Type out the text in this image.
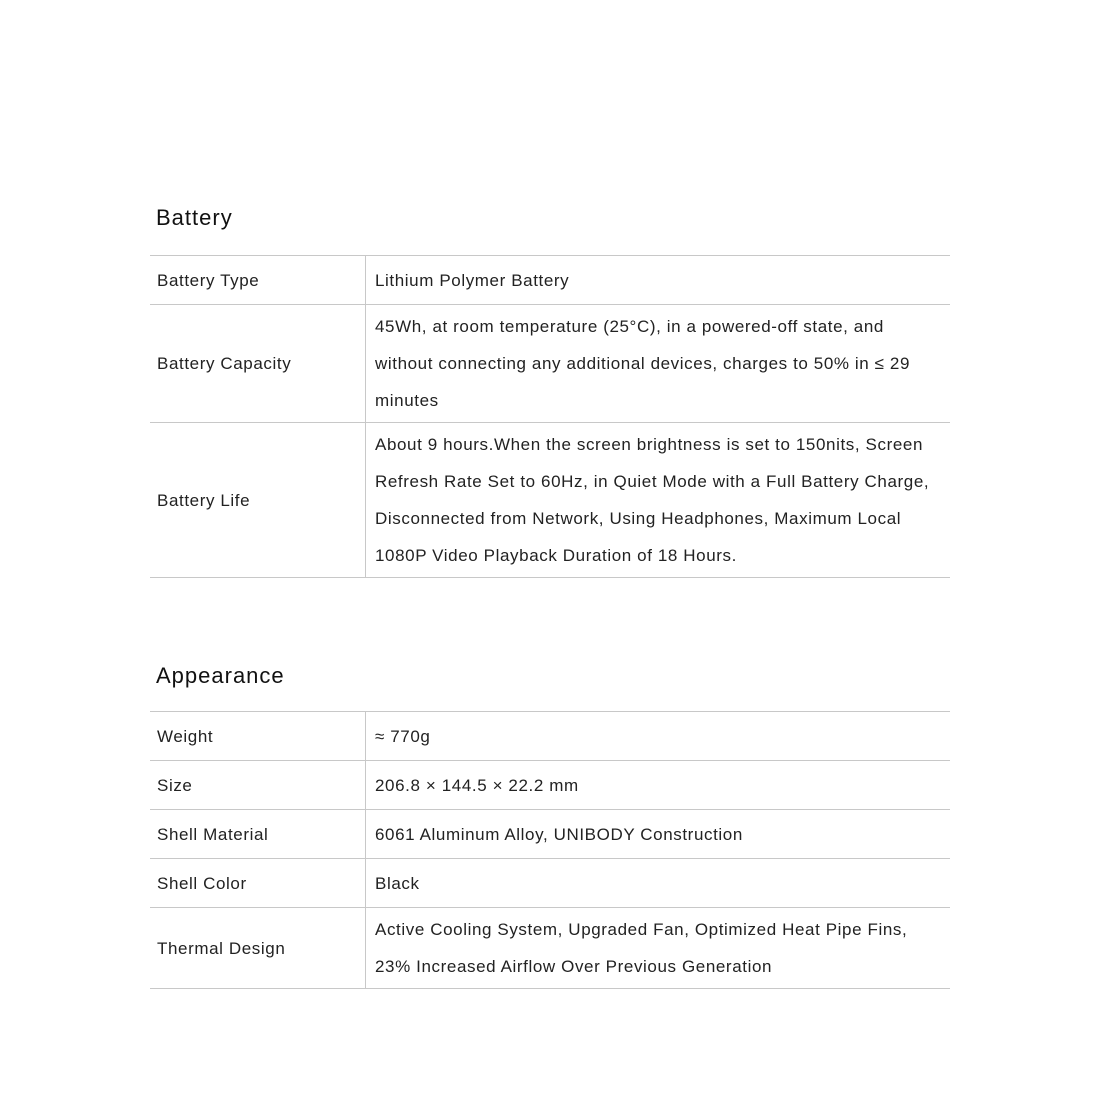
Battery
Battery Type	Lithium Polymer Battery
Battery Capacity	45Wh, at room temperature (25°C), in a powered-off state, and without connecting any additional devices, charges to 50% in ≤ 29 minutes
Battery Life	About 9 hours.When the screen brightness is set to 150nits, Screen Refresh Rate Set to 60Hz, in Quiet Mode with a Full Battery Charge, Disconnected from Network, Using Headphones, Maximum Local 1080P Video Playback Duration of 18 Hours.
Appearance
Weight	≈ 770g
Size	206.8 × 144.5 × 22.2 mm
Shell Material	6061 Aluminum Alloy, UNIBODY Construction
Shell Color	Black
Thermal Design	Active Cooling System, Upgraded Fan, Optimized Heat Pipe Fins, 23% Increased Airflow Over Previous Generation
